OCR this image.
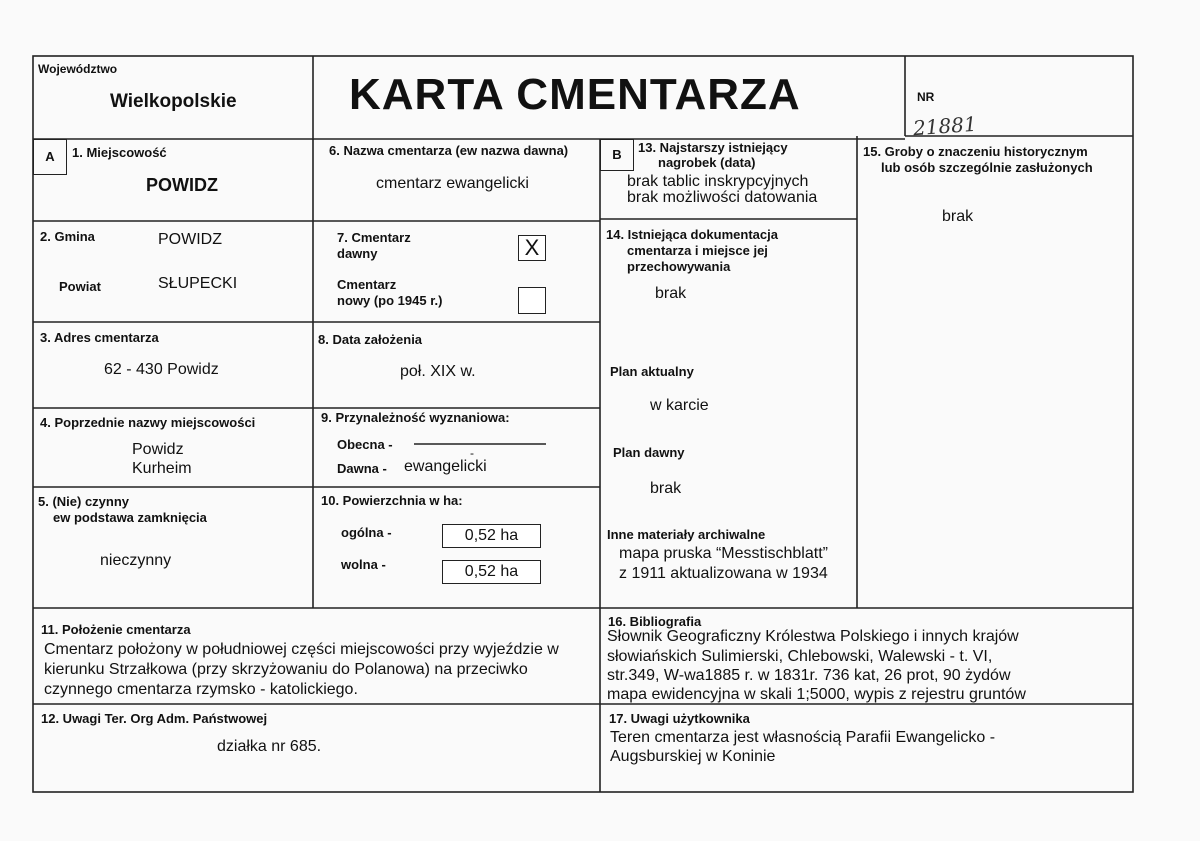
Województwo
Wielkopolskie	KARTA CMENTARZA	NR
21881
A	B
1. Miejscowość
POWIDZ
6. Nazwa cmentarza (ew nazwa dawna)
cmentarz ewangelicki
13. Najstarszy istniejący
nagrobek (data)
brak tablic inskrypcyjnych
brak możliwości datowania
15. Groby o znaczeniu historycznym
lub osób szczególnie zasłużonych
brak
2. Gmina	POWIDZ
Powiat	SŁUPECKI
7. Cmentarz
dawny	X
Cmentarz
nowy (po 1945 r.)
14. Istniejąca dokumentacja
cmentarza i miejsce jej
przechowywania
brak
Plan aktualny
w karcie
Plan dawny
brak
Inne materiały archiwalne
mapa pruska “Messtischblatt”
z 1911 aktualizowana w 1934
3. Adres cmentarza
62 - 430 Powidz
8. Data założenia
poł. XIX w.
4. Poprzednie nazwy miejscowości
Powidz
Kurheim
9. Przynależność wyznaniowa:
Obecna -
-
Dawna - ewangelicki
5. (Nie) czynny
ew podstawa zamknięcia
nieczynny
10. Powierzchnia w ha:
ogólna -	0,52 ha
wolna -	0,52 ha
11. Położenie cmentarza
Cmentarz położony w południowej części miejscowości przy wyjeździe w
kierunku Strzałkowa (przy skrzyżowaniu do Polanowa) na przeciwko
czynnego cmentarza rzymsko - katolickiego.
16. Bibliografia
Słownik Geograficzny Królestwa Polskiego i innych krajów
słowiańskich Sulimierski, Chlebowski, Walewski - t. VI,
str.349, W-wa1885 r. w 1831r. 736 kat, 26 prot, 90 żydów
mapa ewidencyjna w skali 1;5000, wypis z rejestru gruntów
12. Uwagi Ter. Org Adm. Państwowej
działka nr 685.
17. Uwagi użytkownika
Teren cmentarza jest własnością Parafii Ewangelicko -
Augsburskiej w Koninie
